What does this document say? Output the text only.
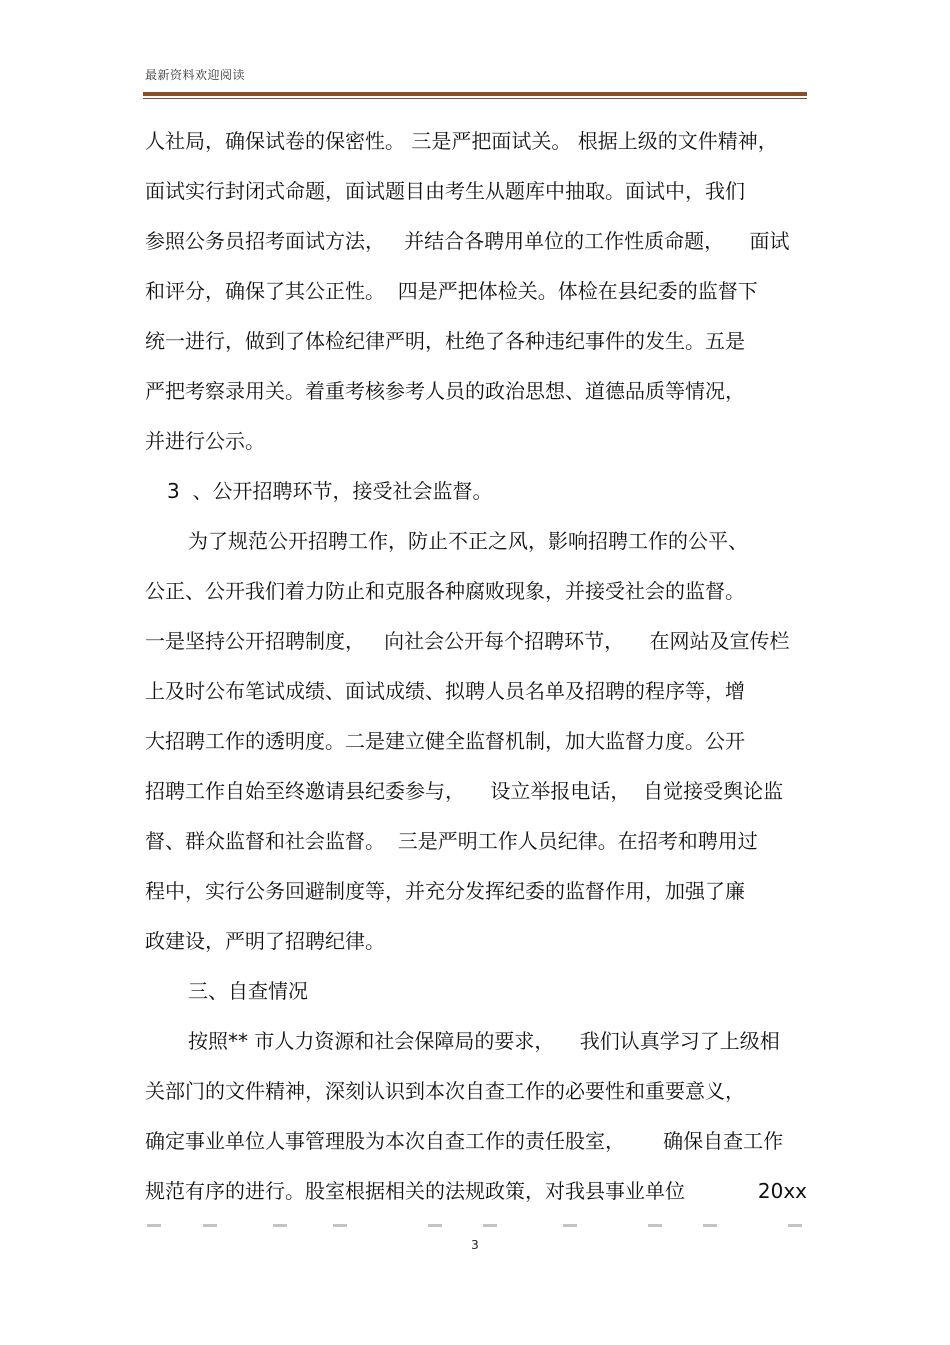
最新资料欢迎阅读
人社局，确保试卷的保密性。 三是严把面试关。 根据上级的文件精神，
面试实行封闭式命题，面试题目由考生从题库中抽取。面试中，我们
参照公务员招考面试方法，   并结合各聘用单位的工作性质命题，    面试
和评分，确保了其公正性。  四是严把体检关。体检在县纪委的监督下
统一进行，做到了体检纪律严明，杜绝了各种违纪事件的发生。五是
严把考察录用关。着重考核参考人员的政治思想、道德品质等情况，
并进行公示。
3  、公开招聘环节，接受社会监督。
为了规范公开招聘工作，防止不正之风，影响招聘工作的公平、
公正、公开我们着力防止和克服各种腐败现象，并接受社会的监督。
一是坚持公开招聘制度，   向社会公开每个招聘环节，    在网站及宣传栏
上及时公布笔试成绩、面试成绩、拟聘人员名单及招聘的程序等，增
大招聘工作的透明度。二是建立健全监督机制，加大监督力度。公开
招聘工作自始至终邀请县纪委参与，    设立举报电话，  自觉接受舆论监
督、群众监督和社会监督。  三是严明工作人员纪律。在招考和聘用过
程中，实行公务回避制度等，并充分发挥纪委的监督作用，加强了廉
政建设，严明了招聘纪律。
三、自查情况
按照** 市人力资源和社会保障局的要求，    我们认真学习了上级相
关部门的文件精神，深刻认识到本次自查工作的必要性和重要意义，
确定事业单位人事管理股为本次自查工作的责任股室，      确保自查工作
规范有序的进行。股室根据相关的法规政策，对我县事业单位	20xx
3
